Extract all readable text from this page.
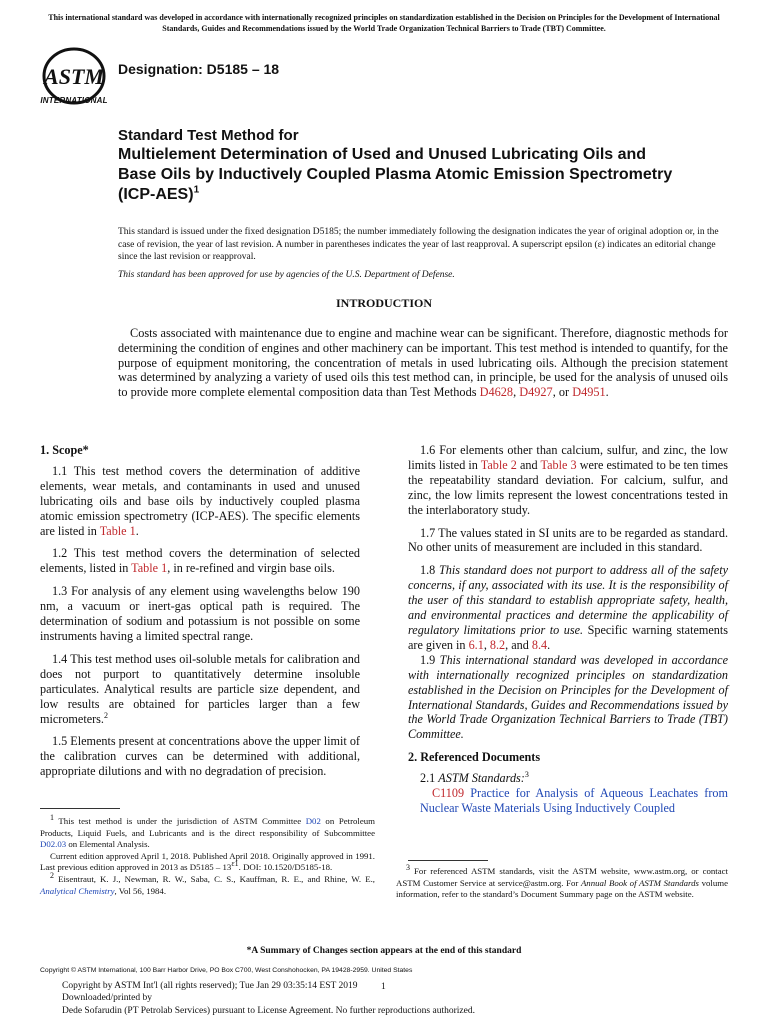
This international standard was developed in accordance with internationally recognized principles on standardization established in the Decision on Principles for the Development of International Standards, Guides and Recommendations issued by the World Trade Organization Technical Barriers to Trade (TBT) Committee.
ASTM
INTERNATIONAL
Designation: D5185 – 18
Standard Test Method for
Multielement Determination of Used and Unused Lubricating Oils and Base Oils by Inductively Coupled Plasma Atomic Emission Spectrometry $(ICP-AES)^1$
This standard is issued under the fixed designation D5185; the number immediately following the designation indicates the year of original adoption or, in the case of revision, the year of last revision. A number in parentheses indicates the year of last reapproval. A superscript epsilon (ε) indicates an editorial change since the last revision or reapproval.
This standard has been approved for use by agencies of the U.S. Department of Defense.
INTRODUCTION
Costs associated with maintenance due to engine and machine wear can be significant. Therefore, diagnostic methods for determining the condition of engines and other machinery can be important. This test method is intended to quantify, for the purpose of equipment monitoring, the concentration of metals in used lubricating oils. Although the precision statement was determined by analyzing a variety of used oils this test method can, in principle, be used for the analysis of unused oils to provide more complete elemental composition data than Test Methods D4628, D4927, or D4951.
1. Scope*

1.1 This test method covers the determination of additive elements, wear metals, and contaminants in used and unused lubricating oils and base oils by inductively coupled plasma atomic emission spectrometry (ICP-AES). The specific elements are listed in Table 1.

1.2 This test method covers the determination of selected elements, listed in Table 1, in re-refined and virgin base oils.

1.3 For analysis of any element using wavelengths below 190 nm, a vacuum or inert-gas optical path is required. The determination of sodium and potassium is not possible on some instruments having a limited spectral range.

1.4 This test method uses oil-soluble metals for calibration and does not purport to quantitatively determine insoluble particulates. Analytical results are particle size dependent, and low results are obtained for particles larger than a few micrometers.$^2$

1.5 Elements present at concentrations above the upper limit of the calibration curves can be determined with additional, appropriate dilutions and with no degradation of precision.

1.6 For elements other than calcium, sulfur, and zinc, the low limits listed in Table 2 and Table 3 were estimated to be ten times the repeatability standard deviation. For calcium, sulfur, and zinc, the low limits represent the lowest concentrations tested in the interlaboratory study.

1.7 The values stated in SI units are to be regarded as standard. No other units of measurement are included in this standard.

1.8 This standard does not purport to address all of the safety concerns, if any, associated with its use. It is the responsibility of the user of this standard to establish appropriate safety, health, and environmental practices and determine the applicability of regulatory limitations prior to use. Specific warning statements are given in 6.1, 8.2, and 8.4.

1.9 This international standard was developed in accordance with internationally recognized principles on standardization established in the Decision on Principles for the Development of International Standards, Guides and Recommendations issued by the World Trade Organization Technical Barriers to Trade (TBT) Committee.

2. Referenced Documents

2.1 ASTM Standards:$^3$

C1109 Practice for Analysis of Aqueous Leachates from Nuclear Waste Materials Using Inductively Coupled

$^1$ This test method is under the jurisdiction of ASTM Committee D02 on Petroleum Products, Liquid Fuels, and Lubricants and is the direct responsibility of Subcommittee D02.03 on Elemental Analysis.

Current edition approved April 1, 2018. Published April 2018. Originally approved in 1991. Last previous edition approved in 2013 as $D5185 - 13^{\varepsilon 1}$. DOI: 10.1520/D5185-18.

$^2$ Eisentraut, K. J., Newman, R. W., Saba, C. S., Kauffman, R. E., and Rhine, W. E., Analytical Chemistry, Vol 56, 1984.

$^3$ For referenced ASTM standards, visit the ASTM website, www.astm.org, or contact ASTM Customer Service at service@astm.org. For Annual Book of ASTM Standards volume information, refer to the standard’s Document Summary page on the ASTM website.

*A Summary of Changes section appears at the end of this standard
Copyright © ASTM International, 100 Barr Harbor Drive, PO Box C700, West Conshohocken, PA 19428-2959. United States
Copyright by ASTM Int'l (all rights reserved); Tue Jan 29 03:35:14 EST 2019
Downloaded/printed by
Dede Sofarudin (PT Petrolab Services) pursuant to License Agreement. No further reproductions authorized.
1
